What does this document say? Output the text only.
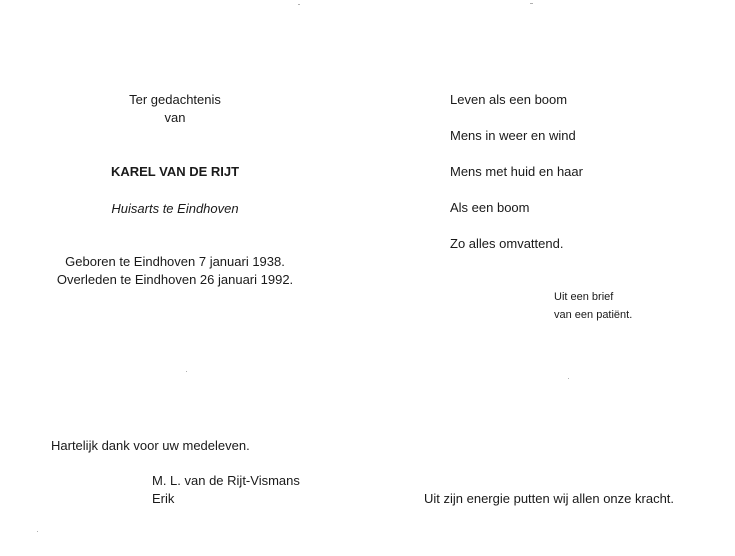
Ter gedachtenis
van
KAREL VAN DE RIJT
Huisarts te Eindhoven
Geboren te Eindhoven 7 januari 1938.
Overleden te Eindhoven 26 januari 1992.
Hartelijk dank voor uw medeleven.
M. L. van de Rijt-Vismans
Erik
Leven als een boom
Mens in weer en wind
Mens met huid en haar
Als een boom
Zo alles omvattend.
Uit een brief
van een patiënt.
Uit zijn energie putten wij allen onze kracht.
